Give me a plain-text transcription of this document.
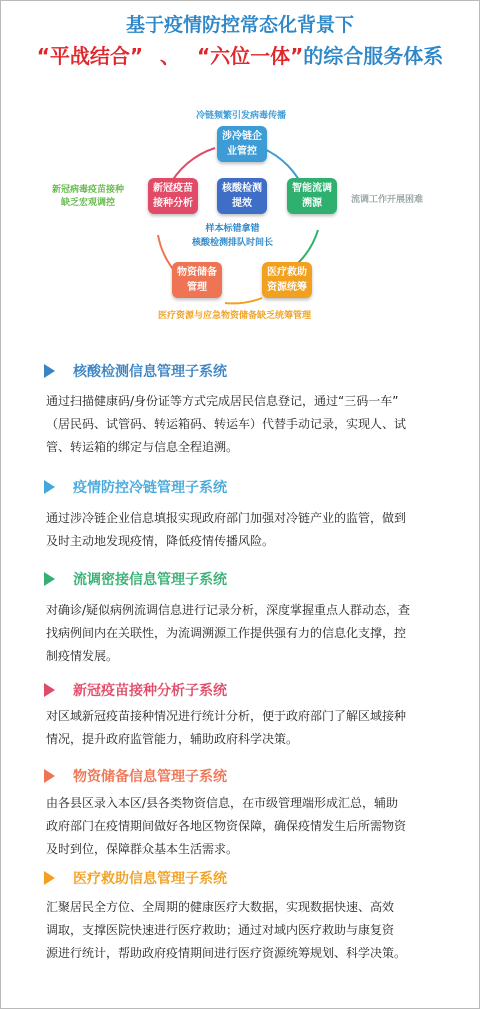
基于疫情防控常态化背景下
“平战结合” 、 “六位一体”的综合服务体系
冷链频繁引发病毒传播
涉冷链企业管控
新冠病毒疫苗接种
缺乏宏观调控
新冠疫苗接种分析
核酸检测提效
智能流调溯源	流调工作开展困难
样本标错拿错
核酸检测排队时间长
物资储备管理
医疗救助资源统筹
医疗资源与应急物资储备缺乏统筹管理
核酸检测信息管理子系统
通过扫描健康码/身份证等方式完成居民信息登记，通过“三码一车”
（居民码、试管码、转运箱码、转运车）代替手动记录，实现人、试
管、转运箱的绑定与信息全程追溯。
疫情防控冷链管理子系统
通过涉冷链企业信息填报实现政府部门加强对冷链产业的监管，做到
及时主动地发现疫情，降低疫情传播风险。
流调密接信息管理子系统
对确诊/疑似病例流调信息进行记录分析，深度掌握重点人群动态，查
找病例间内在关联性，为流调溯源工作提供强有力的信息化支撑，控
制疫情发展。
新冠疫苗接种分析子系统
对区域新冠疫苗接种情况进行统计分析，便于政府部门了解区域接种
情况，提升政府监管能力，辅助政府科学决策。
物资储备信息管理子系统
由各县区录入本区/县各类物资信息，在市级管理端形成汇总，辅助
政府部门在疫情期间做好各地区物资保障，确保疫情发生后所需物资
及时到位，保障群众基本生活需求。
医疗救助信息管理子系统
汇聚居民全方位、全周期的健康医疗大数据，实现数据快速、高效
调取，支撑医院快速进行医疗救助；通过对域内医疗救助与康复资
源进行统计，帮助政府疫情期间进行医疗资源统筹规划、科学决策。
